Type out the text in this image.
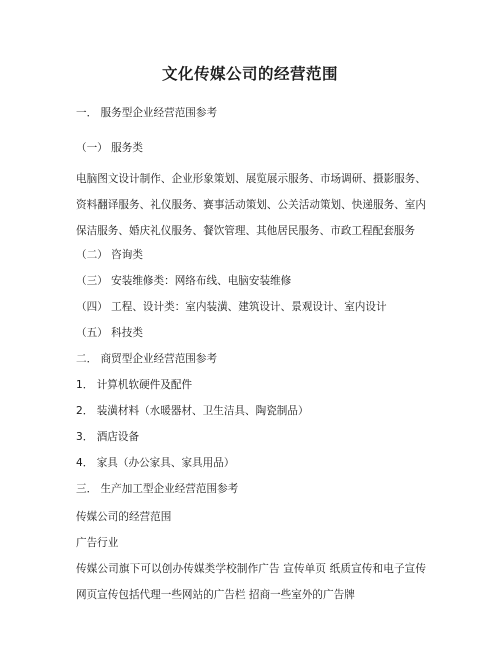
文化传媒公司的经营范围
一． 服务型企业经营范围参考
（一） 服务类
电脑图文设计制作、企业形象策划、展览展示服务、市场调研、摄影服务、资料翻译服务、礼仪服务、赛事活动策划、公关活动策划、快递服务、室内保洁服务、婚庆礼仪服务、餐饮管理、其他居民服务、市政工程配套服务
（二） 咨询类
（三） 安装维修类：网络布线、电脑安装维修
（四） 工程、设计类：室内装潢、建筑设计、景观设计、室内设计
（五） 科技类
二． 商贸型企业经营范围参考
1． 计算机软硬件及配件
2． 装潢材料（水暖器材、卫生洁具、陶瓷制品）
3． 酒店设备
4． 家具（办公家具、家具用品）
三． 生产加工型企业经营范围参考
传媒公司的经营范围
广告行业
传媒公司旗下可以创办传媒类学校制作广告 宣传单页 纸质宣传和电子宣传网页宣传包括代理一些网站的广告栏 招商一些室外的广告牌
